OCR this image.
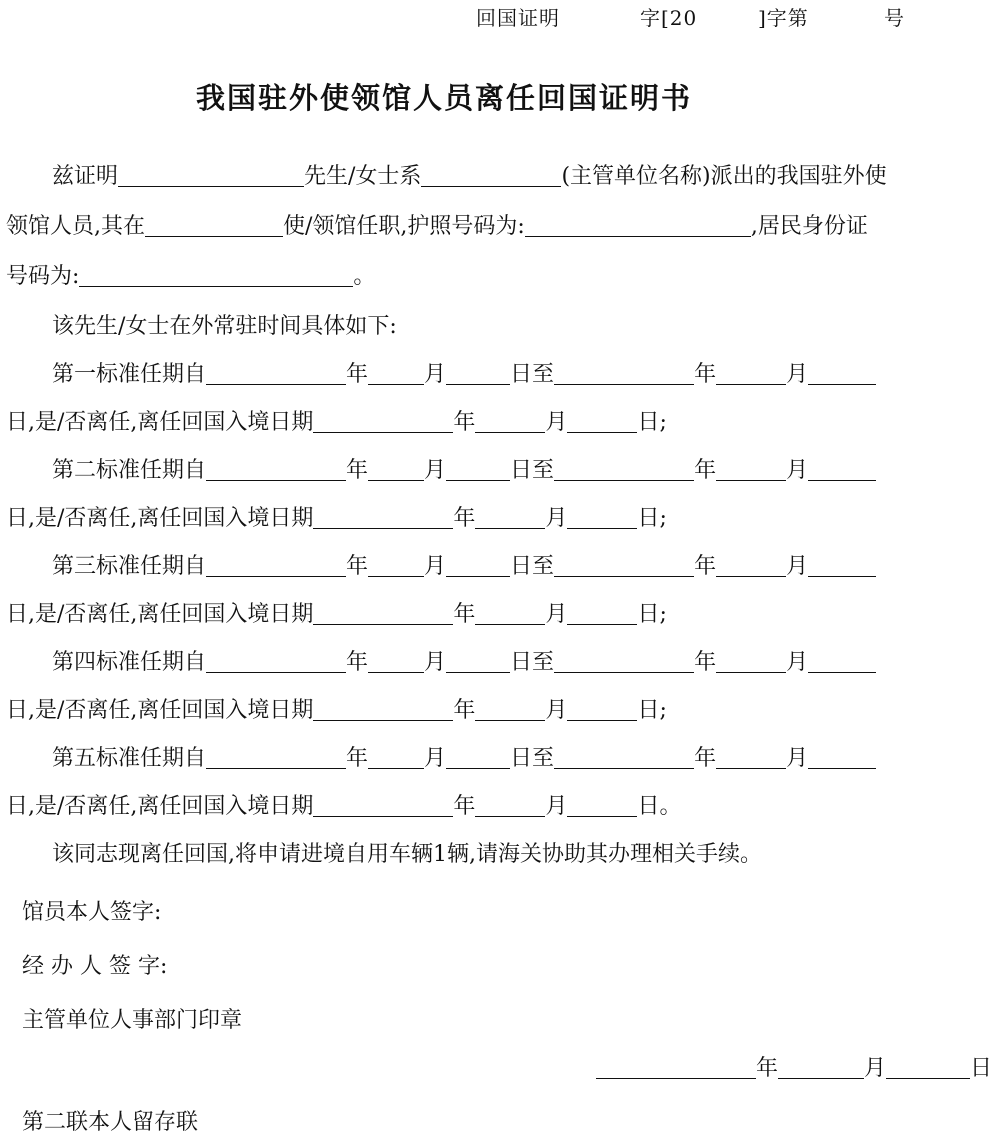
回国证明	字[20	]字第	号
我国驻外使领馆人员离任回国证明书
兹证明	先生/女士系	(主管单位名称)派出的我国驻外使
领馆人员,其在	使/领馆任职,护照号码为:	,居民身份证
号码为:	。
该先生/女士在外常驻时间具体如下:
第一标准任期自	年	月	日至	年	月
日,是/否离任,离任回国入境日期	年	月	日;
第二标准任期自	年	月	日至	年	月
日,是/否离任,离任回国入境日期	年	月	日;
第三标准任期自	年	月	日至	年	月
日,是/否离任,离任回国入境日期	年	月	日;
第四标准任期自	年	月	日至	年	月
日,是/否离任,离任回国入境日期	年	月	日;
第五标准任期自	年	月	日至	年	月
日,是/否离任,离任回国入境日期	年	月	日。
该同志现离任回国,将申请进境自用车辆1辆,请海关协助其办理相关手续。
馆员本人签字:
经 办 人 签 字:
主管单位人事部门印章
年	月	日
第二联本人留存联
